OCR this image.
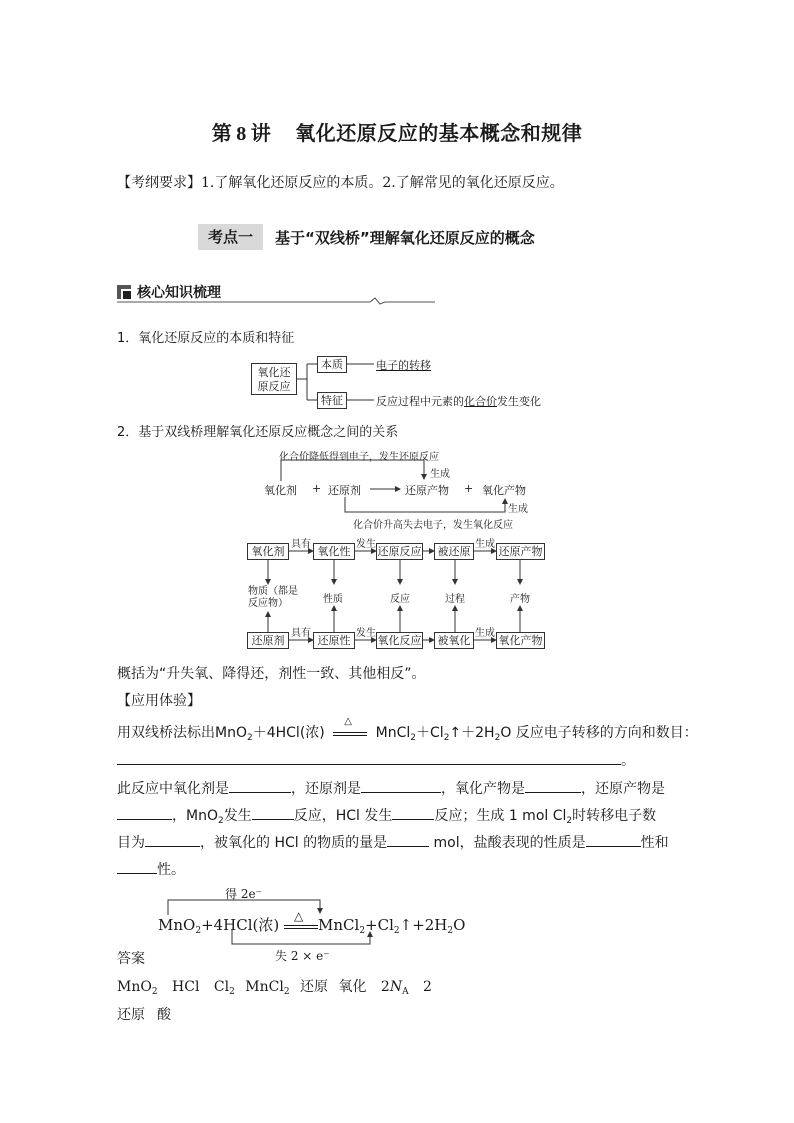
第 8 讲 氧化还原反应的基本概念和规律
【考纲要求】1.了解氧化还原反应的本质。2.了解常见的氧化还原反应。
考点一	基于“双线桥”理解氧化还原反应的概念
核心知识梳理
1．氧化还原反应的本质和特征
氧化还
原反应
本质
特征
电子的转移
反应过程中元素的化合价发生变化
2．基于双线桥理解氧化还原反应概念之间的关系
化合价降低得到电子，发生还原反应
生成
生成
化合价升高失去电子，发生氧化反应
氧化剂 + 还原剂	还原产物 + 氧化产物
氧化剂	氧化性	还原反应	被还原	还原产物
具有	发生	生成
物质（都是
反应物）	性质	反应	过程	产物
还原剂	还原性	氧化反应	被氧化	氧化产物
具有	发生	生成
概括为“升失氧、降得还，剂性一致、其他相反”。
【应用体验】
用双线桥法标出MnO$_2$＋4HCl(浓)
△
$MnCl_2+Cl_2↑+2H_2O$ 反应电子转移的方向和数目：
。
此反应中氧化剂是	，还原剂是	，氧化产物是	，还原产物是
，MnO$_2$发生	反应，HCl 发生	反应；生成 1 mol $Cl_2$时转移电子数
目为	，被氧化的 HCl 的物质的量是	mol，盐酸表现的性质是	性和
性。
得 2e⁻
失 2 × e⁻
MnO$_2$+4HCl(浓) △ $MnCl_2+Cl_2↑+2H_2O$
答案
MnO$_2$ HCl $Cl_2$ MnCl$_2$ 还原 氧化 $2N_A$ 2
还原 酸
